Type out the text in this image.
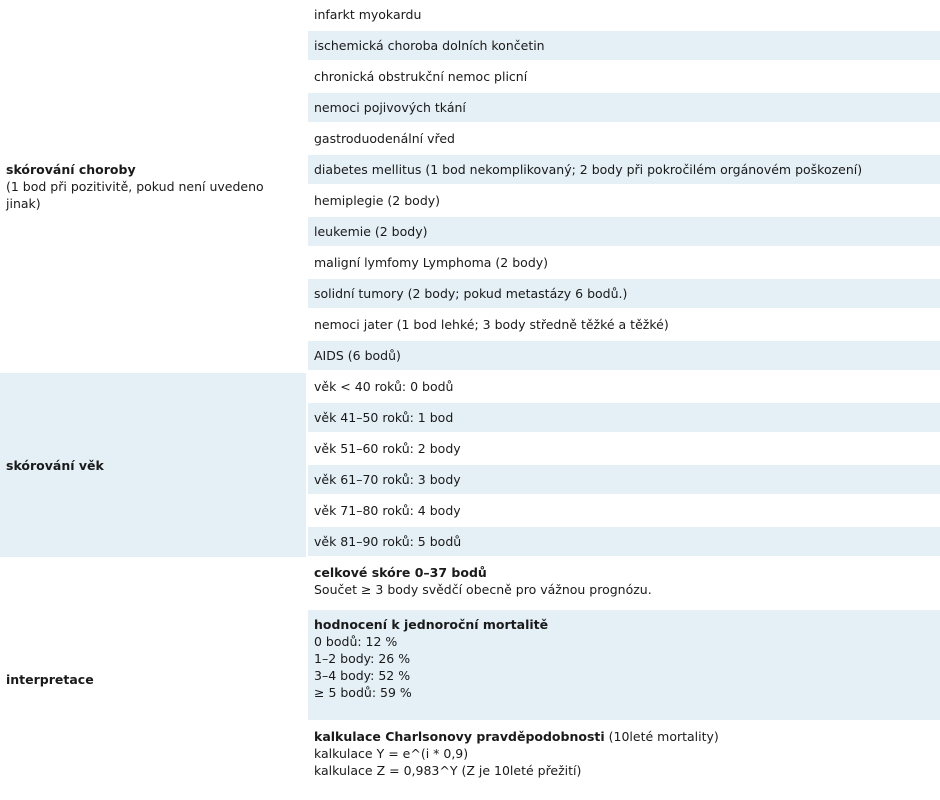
skórování choroby
(1 bod při pozitivitě, pokud není uvedeno jinak)
infarkt myokardu
ischemická choroba dolních končetin
chronická obstrukční nemoc plicní
nemoci pojivových tkání
gastroduodenální vřed
diabetes mellitus (1 bod nekomplikovaný; 2 body při pokročilém orgánovém poškození)
hemiplegie (2 body)
leukemie (2 body)
maligní lymfomy Lymphoma (2 body)
solidní tumory (2 body; pokud metastázy 6 bodů.)
nemoci jater (1 bod lehké; 3 body středně těžké a těžké)
AIDS (6 bodů)
skórování věk
věk < 40 roků: 0 bodů
věk 41–50 roků: 1 bod
věk 51–60 roků: 2 body
věk 61–70 roků: 3 body
věk 71–80 roků: 4 body
věk 81–90 roků: 5 bodů
interpretace
celkové skóre 0–37 bodů
Součet ≥ 3 body svědčí obecně pro vážnou prognózu.
hodnocení k jednoroční mortalitě
0 bodů: 12 %
1–2 body: 26 %
3–4 body: 52 %
≥ 5 bodů: 59 %
kalkulace Charlsonovy pravděpodobnosti (10leté mortality)
kalkulace Y = e^(i * 0,9)
kalkulace Z = 0,983^Y (Z je 10leté přežití)
